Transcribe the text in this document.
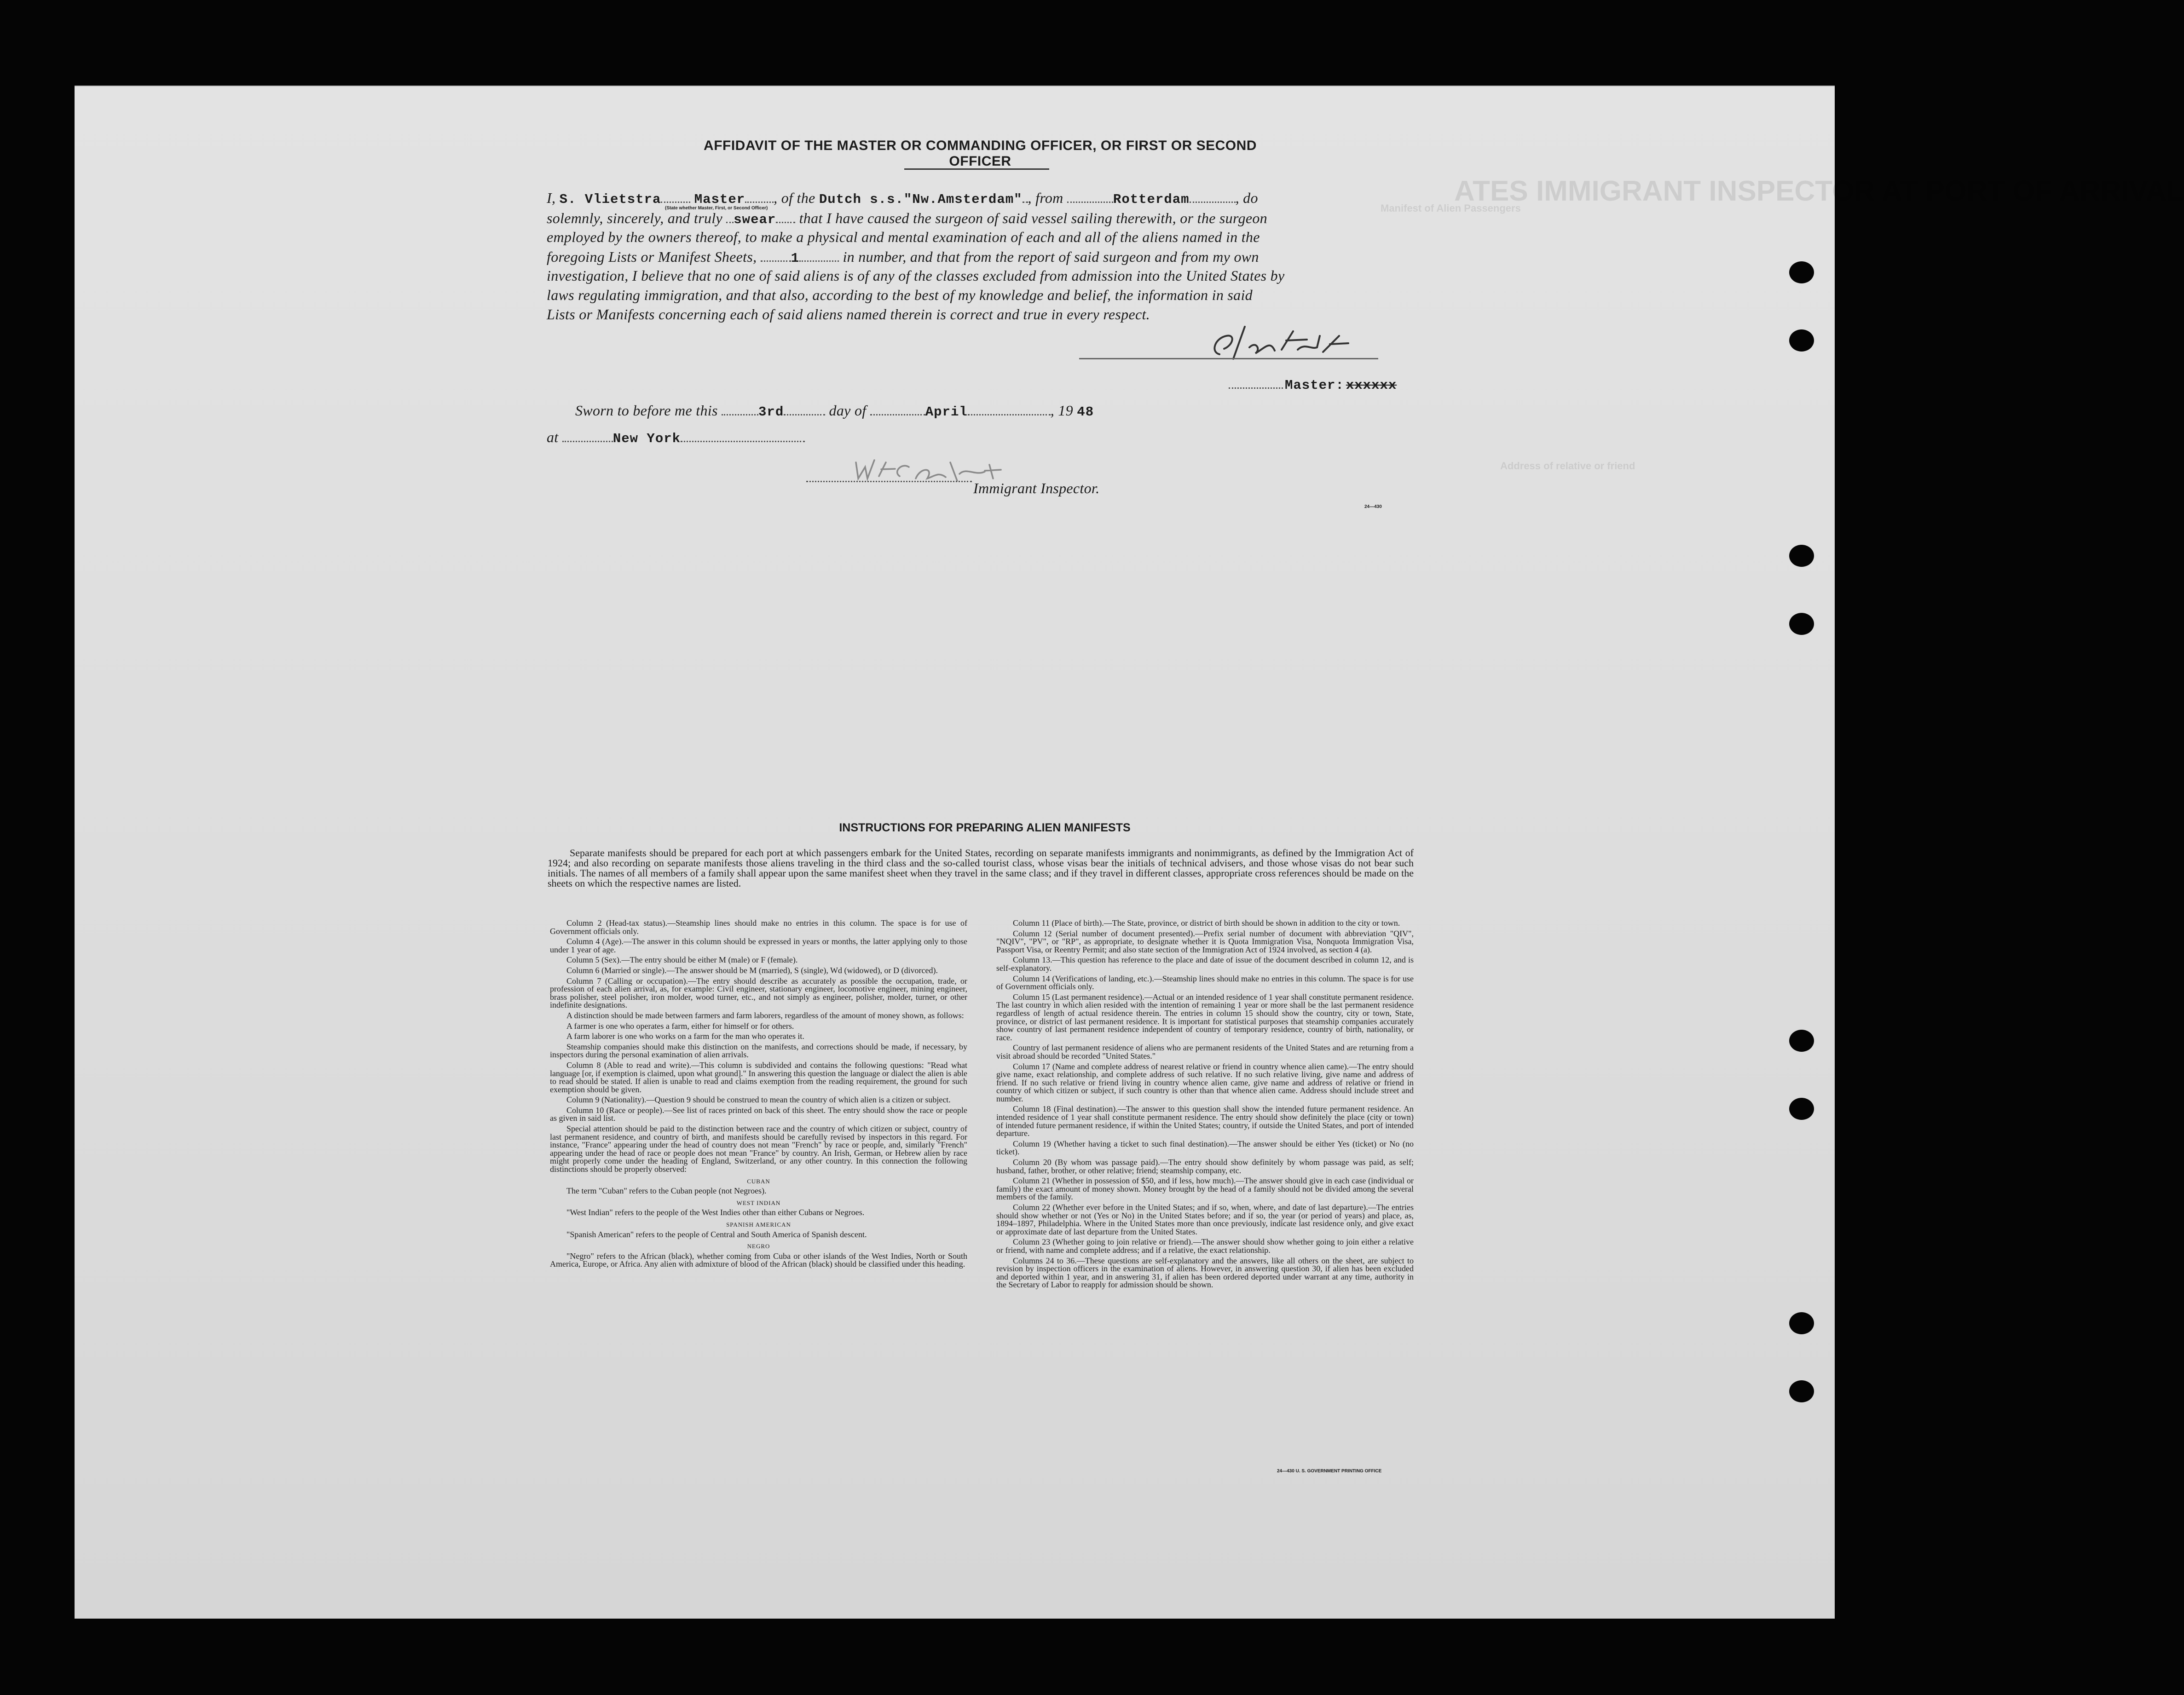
ATES IMMIGRANT INSPECTOR AT PORT OF ARRIVAL
Manifest of Alien Passengers
Address of relative or friend
AFFIDAVIT OF THE MASTER OR COMMANDING OFFICER, OR FIRST OR SECOND OFFICER
I, S. Vlietstra Master , of the Dutch s.s."Nw.Amsterdam" , from	Rotterdam	, do
(State whether Master, First, or Second Officer)
solemnly, sincerely, and truly swear that I have caused the surgeon of said vessel sailing therewith, or the surgeon
employed by the owners thereof, to make a physical and mental examination of each and all of the aliens named in the
foregoing Lists or Manifest Sheets,	1	in number, and that from the report of said surgeon and from my own
investigation, I believe that no one of said aliens is of any of the classes excluded from admission into the United States by
laws regulating immigration, and that also, according to the best of my knowledge and belief, the information in said
Lists or Manifests concerning each of said aliens named therein is correct and true in every respect.
Master: xxxxxx
Sworn to before me this	3rd	day of	April	, 19 48
at	New York
Immigrant Inspector.
24—430
INSTRUCTIONS FOR PREPARING ALIEN MANIFESTS
Separate manifests should be prepared for each port at which passengers embark for the United States, recording on separate manifests immigrants and nonimmigrants, as defined by the Immigration Act of 1924; and also recording on separate manifests those aliens traveling in the third class and the so-called tourist class, whose visas bear the initials of technical advisers, and those whose visas do not bear such initials. The names of all members of a family shall appear upon the same manifest sheet when they travel in the same class; and if they travel in different classes, appropriate cross references should be made on the sheets on which the respective names are listed.

Column 2 (Head-tax status).—Steamship lines should make no entries in this column. The space is for use of Government officials only.

Column 4 (Age).—The answer in this column should be expressed in years or months, the latter applying only to those under 1 year of age.

Column 5 (Sex).—The entry should be either M (male) or F (female).

Column 6 (Married or single).—The answer should be M (married), S (single), Wd (widowed), or D (divorced).

Column 7 (Calling or occupation).—The entry should describe as accurately as possible the occupation, trade, or profession of each alien arrival, as, for example: Civil engineer, stationary engineer, locomotive engineer, mining engineer, brass polisher, steel polisher, iron molder, wood turner, etc., and not simply as engineer, polisher, molder, turner, or other indefinite designations.

A distinction should be made between farmers and farm laborers, regardless of the amount of money shown, as follows:

A farmer is one who operates a farm, either for himself or for others.

A farm laborer is one who works on a farm for the man who operates it.

Steamship companies should make this distinction on the manifests, and corrections should be made, if necessary, by inspectors during the personal examination of alien arrivals.

Column 8 (Able to read and write).—This column is subdivided and contains the following questions: "Read what language [or, if exemption is claimed, upon what ground]." In answering this question the language or dialect the alien is able to read should be stated. If alien is unable to read and claims exemption from the reading requirement, the ground for such exemption should be given.

Column 9 (Nationality).—Question 9 should be construed to mean the country of which alien is a citizen or subject.

Column 10 (Race or people).—See list of races printed on back of this sheet. The entry should show the race or people as given in said list.

Special attention should be paid to the distinction between race and the country of which citizen or subject, country of last permanent residence, and country of birth, and manifests should be carefully revised by inspectors in this regard. For instance, "France" appearing under the head of country does not mean "French" by race or people, and, similarly "French" appearing under the head of race or people does not mean "France" by country. An Irish, German, or Hebrew alien by race might properly come under the heading of England, Switzerland, or any other country. In this connection the following distinctions should be properly observed:

CUBAN

The term "Cuban" refers to the Cuban people (not Negroes).

WEST INDIAN

"West Indian" refers to the people of the West Indies other than either Cubans or Negroes.

SPANISH AMERICAN

"Spanish American" refers to the people of Central and South America of Spanish descent.

NEGRO

"Negro" refers to the African (black), whether coming from Cuba or other islands of the West Indies, North or South America, Europe, or Africa. Any alien with admixture of blood of the African (black) should be classified under this heading.

Column 11 (Place of birth).—The State, province, or district of birth should be shown in addition to the city or town.

Column 12 (Serial number of document presented).—Prefix serial number of document with abbreviation "QIV", "NQIV", "PV", or "RP", as appropriate, to designate whether it is Quota Immigration Visa, Nonquota Immigration Visa, Passport Visa, or Reentry Permit; and also state section of the Immigration Act of 1924 involved, as section 4 (a).

Column 13.—This question has reference to the place and date of issue of the document described in column 12, and is self-explanatory.

Column 14 (Verifications of landing, etc.).—Steamship lines should make no entries in this column. The space is for use of Government officials only.

Column 15 (Last permanent residence).—Actual or an intended residence of 1 year shall constitute permanent residence. The last country in which alien resided with the intention of remaining 1 year or more shall be the last permanent residence regardless of length of actual residence therein. The entries in column 15 should show the country, city or town, State, province, or district of last permanent residence. It is important for statistical purposes that steamship companies accurately show country of last permanent residence independent of country of temporary residence, country of birth, nationality, or race.

Country of last permanent residence of aliens who are permanent residents of the United States and are returning from a visit abroad should be recorded "United States."

Column 17 (Name and complete address of nearest relative or friend in country whence alien came).—The entry should give name, exact relationship, and complete address of such relative. If no such relative living, give name and address of friend. If no such relative or friend living in country whence alien came, give name and address of relative or friend in country of which citizen or subject, if such country is other than that whence alien came. Address should include street and number.

Column 18 (Final destination).—The answer to this question shall show the intended future permanent residence. An intended residence of 1 year shall constitute permanent residence. The entry should show definitely the place (city or town) of intended future permanent residence, if within the United States; country, if outside the United States, and port of intended departure.

Column 19 (Whether having a ticket to such final destination).—The answer should be either Yes (ticket) or No (no ticket).

Column 20 (By whom was passage paid).—The entry should show definitely by whom passage was paid, as self; husband, father, brother, or other relative; friend; steamship company, etc.

Column 21 (Whether in possession of $50, and if less, how much).—The answer should give in each case (individual or family) the exact amount of money shown. Money brought by the head of a family should not be divided among the several members of the family.

Column 22 (Whether ever before in the United States; and if so, when, where, and date of last departure).—The entries should show whether or not (Yes or No) in the United States before; and if so, the year (or period of years) and place, as, 1894–1897, Philadelphia. Where in the United States more than once previously, indicate last residence only, and give exact or approximate date of last departure from the United States.

Column 23 (Whether going to join relative or friend).—The answer should show whether going to join either a relative or friend, with name and complete address; and if a relative, the exact relationship.

Columns 24 to 36.—These questions are self-explanatory and the answers, like all others on the sheet, are subject to revision by inspection officers in the examination of aliens. However, in answering question 30, if alien has been excluded and deported within 1 year, and in answering 31, if alien has been ordered deported under warrant at any time, authority in the Secretary of Labor to reapply for admission should be shown.

24—430 U. S. GOVERNMENT PRINTING OFFICE
